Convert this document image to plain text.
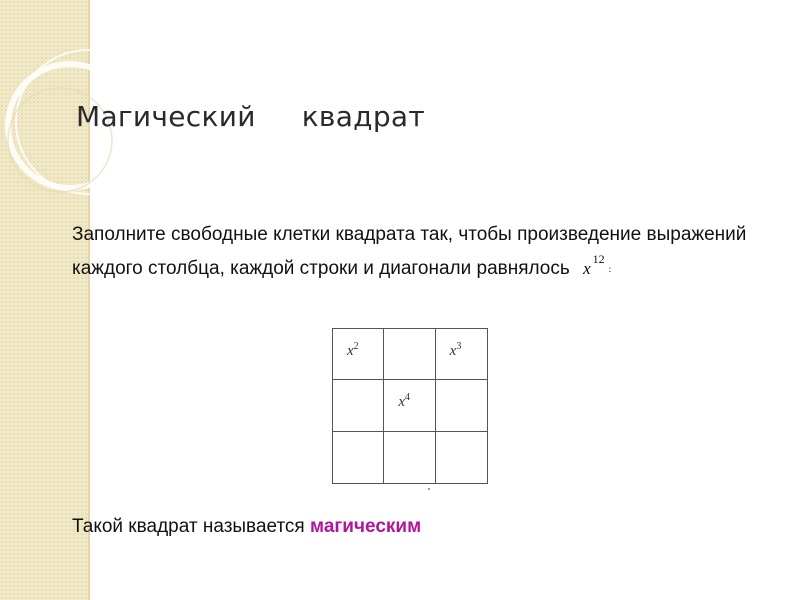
Магический     квадрат
Заполните свободные клетки квадрата так, чтобы произведение выражений каждого столбца, каждой строки и диагонали равнялось x $^{12}$:
$x^2$	$x^3$
$x^4$
Такой квадрат называется магическим
